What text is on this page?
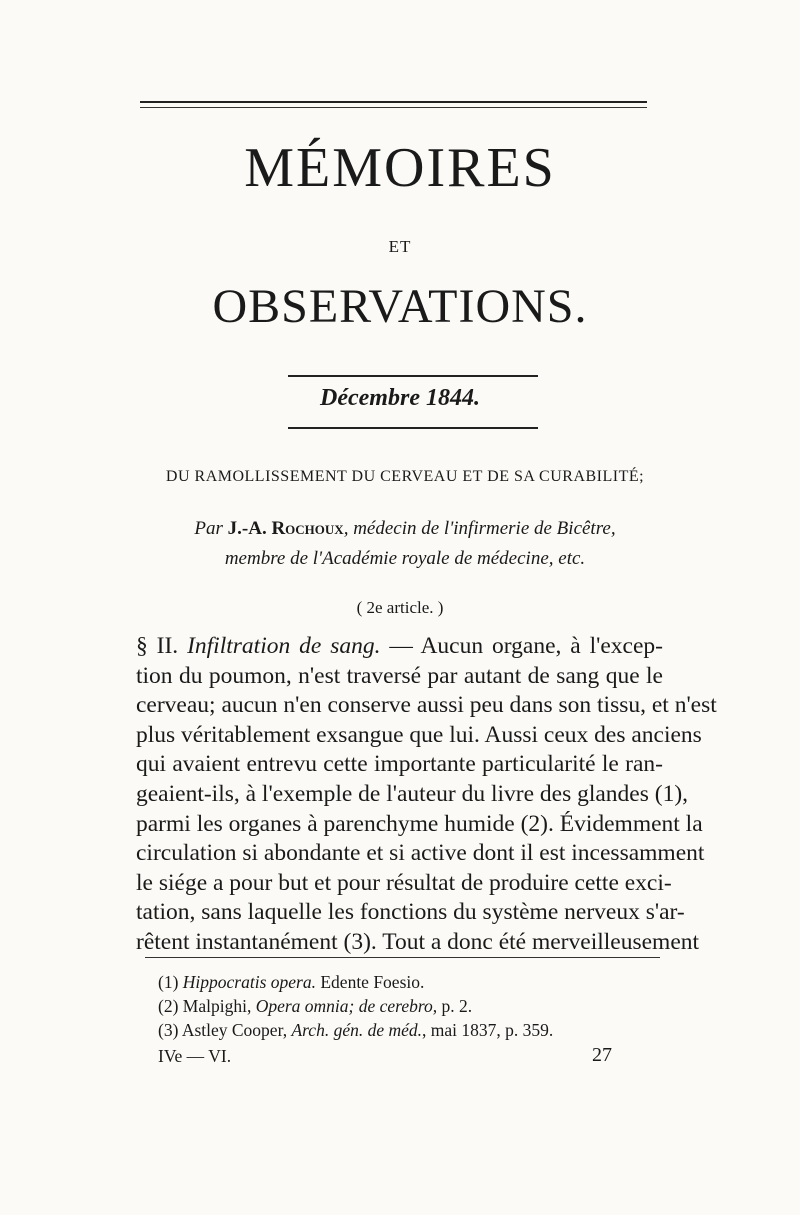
MÉMOIRES
ET
OBSERVATIONS.
Décembre 1844.
DU RAMOLLISSEMENT DU CERVEAU ET DE SA CURABILITÉ;
Par J.-A. Rochoux, médecin de l'infirmerie de Bicêtre,
membre de l'Académie royale de médecine, etc.
( 2e article. )
§ II. Infiltration de sang. — Aucun organe, à l'excep-
tion du poumon, n'est traversé par autant de sang que le
cerveau; aucun n'en conserve aussi peu dans son tissu, et n'est
plus véritablement exsangue que lui. Aussi ceux des anciens
qui avaient entrevu cette importante particularité le ran-
geaient-ils, à l'exemple de l'auteur du livre des glandes (1),
parmi les organes à parenchyme humide (2). Évidemment la
circulation si abondante et si active dont il est incessamment
le siége a pour but et pour résultat de produire cette exci-
tation, sans laquelle les fonctions du système nerveux s'ar-
rêtent instantanément (3). Tout a donc été merveilleusement
(1) Hippocratis opera. Edente Foesio.
(2) Malpighi, Opera omnia; de cerebro, p. 2.
(3) Astley Cooper, Arch. gén. de méd., mai 1837, p. 359.
IVe — VI.	27
